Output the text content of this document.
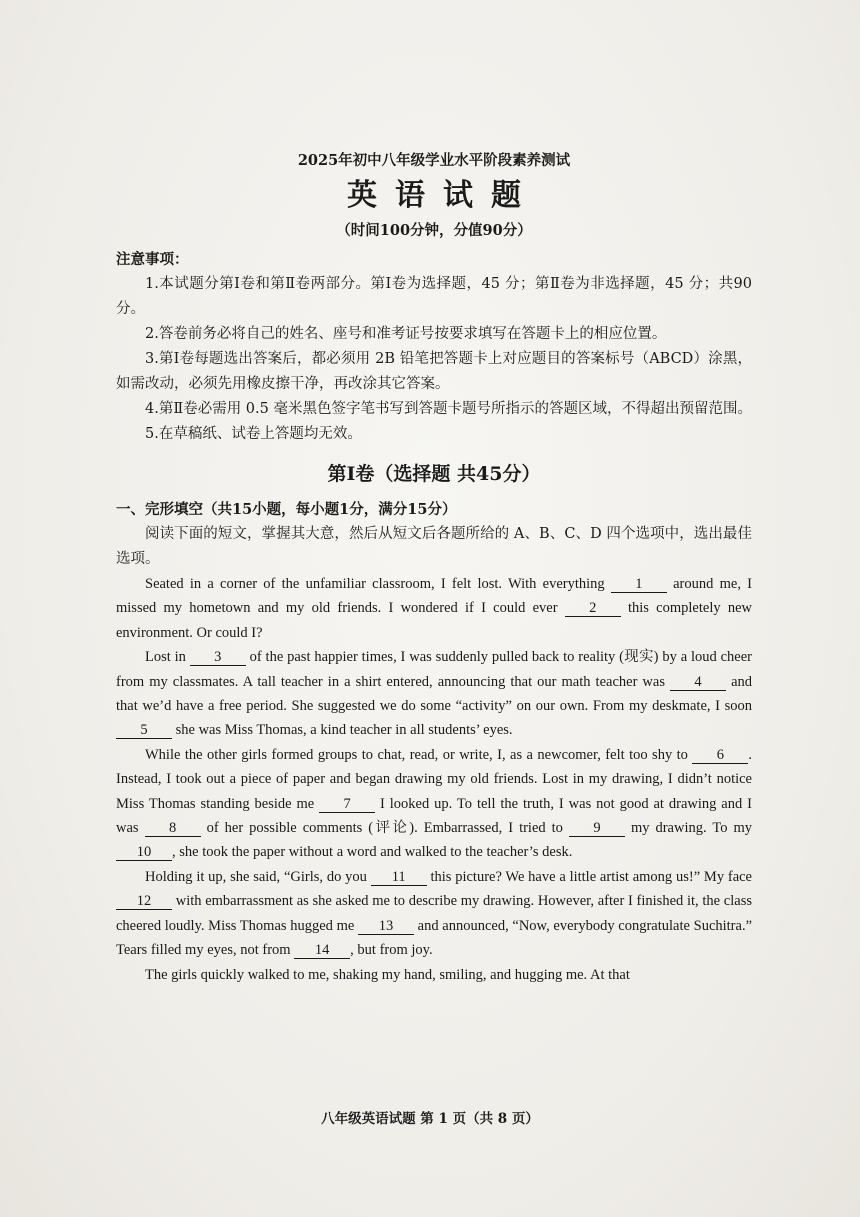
2025年初中八年级学业水平阶段素养测试
英语试题
（时间100分钟，分值90分）
注意事项：
1.本试题分第Ⅰ卷和第Ⅱ卷两部分。第Ⅰ卷为选择题，45 分；第Ⅱ卷为非选择题，45 分；共90分。
2.答卷前务必将自己的姓名、座号和准考证号按要求填写在答题卡上的相应位置。
3.第Ⅰ卷每题选出答案后，都必须用 2B 铅笔把答题卡上对应题目的答案标号（ABCD）涂黑，如需改动，必须先用橡皮擦干净，再改涂其它答案。
4.第Ⅱ卷必需用 0.5 毫米黑色签字笔书写到答题卡题号所指示的答题区域，不得超出预留范围。
5.在草稿纸、试卷上答题均无效。
第Ⅰ卷（选择题 共45分）
一、完形填空（共15小题，每小题1分，满分15分）
阅读下面的短文，掌握其大意，然后从短文后各题所给的 A、B、C、D 四个选项中，选出最佳选项。
Seated in a corner of the unfamiliar classroom, I felt lost. With everything 1 around me, I missed my hometown and my old friends. I wondered if I could ever 2 this completely new environment. Or could I?
Lost in 3 of the past happier times, I was suddenly pulled back to reality (现实) by a loud cheer from my classmates. A tall teacher in a shirt entered, announcing that our math teacher was 4 and that we’d have a free period. She suggested we do some “activity” on our own. From my deskmate, I soon 5 she was Miss Thomas, a kind teacher in all students’ eyes.
While the other girls formed groups to chat, read, or write, I, as a newcomer, felt too shy to 6 . Instead, I took out a piece of paper and began drawing my old friends. Lost in my drawing, I didn’t notice Miss Thomas standing beside me 7 I looked up. To tell the truth, I was not good at drawing and I was 8 of her possible comments (评论). Embarrassed, I tried to 9 my drawing. To my 10 , she took the paper without a word and walked to the teacher’s desk.
Holding it up, she said, “Girls, do you 11 this picture? We have a little artist among us!” My face 12 with embarrassment as she asked me to describe my drawing. However, after I finished it, the class cheered loudly. Miss Thomas hugged me 13 and announced, “Now, everybody congratulate Suchitra.” Tears filled my eyes, not from 14 , but from joy.
The girls quickly walked to me, shaking my hand, smiling, and hugging me. At that
八年级英语试题 第 1 页（共 8 页）
